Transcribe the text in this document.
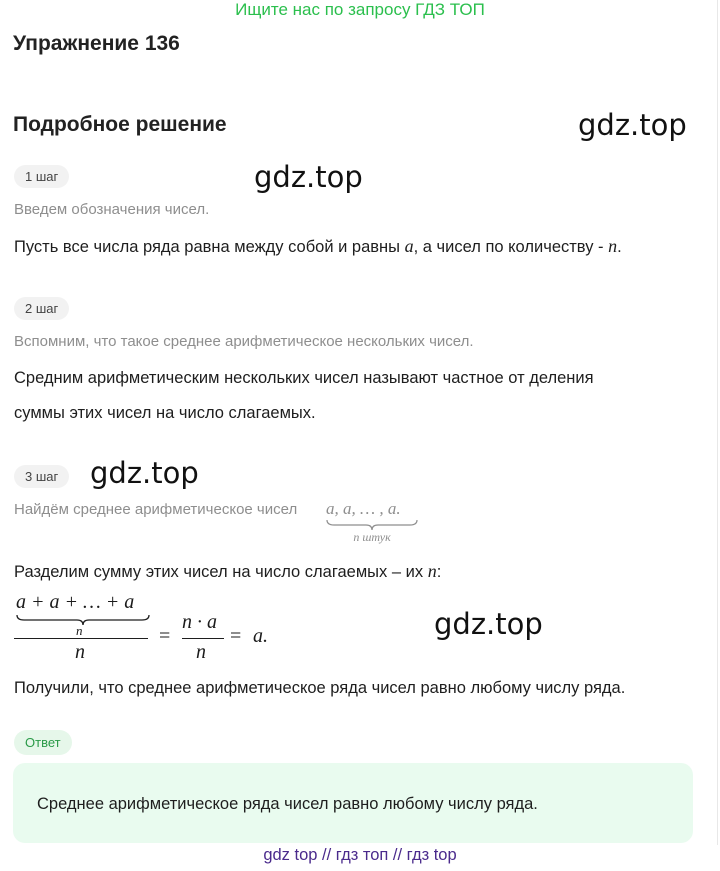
Ищите нас по запросу ГДЗ ТОП
Упражнение 136
Подробное решение	gdz.top
gdz.top
gdz.top
gdz.top
1 шаг
Введем обозначения чисел.
Пусть все числа ряда равна между собой и равны a, а чисел по количеству - n.
2 шаг
Вспомним, что такое среднее арифметическое нескольких чисел.
Средним арифметическим нескольких чисел называют частное от деления
суммы этих чисел на число слагаемых.
3 шаг
Найдём среднее арифметическое чисел a, a, … , a.
n штук
Разделим сумму этих чисел на число слагаемых – их n:
a + a + … + a
n
n
=
n · a
n
= a.
Получили, что среднее арифметическое ряда чисел равно любому числу ряда.
Ответ
Среднее арифметическое ряда чисел равно любому числу ряда.
gdz top // гдз топ // гдз top
